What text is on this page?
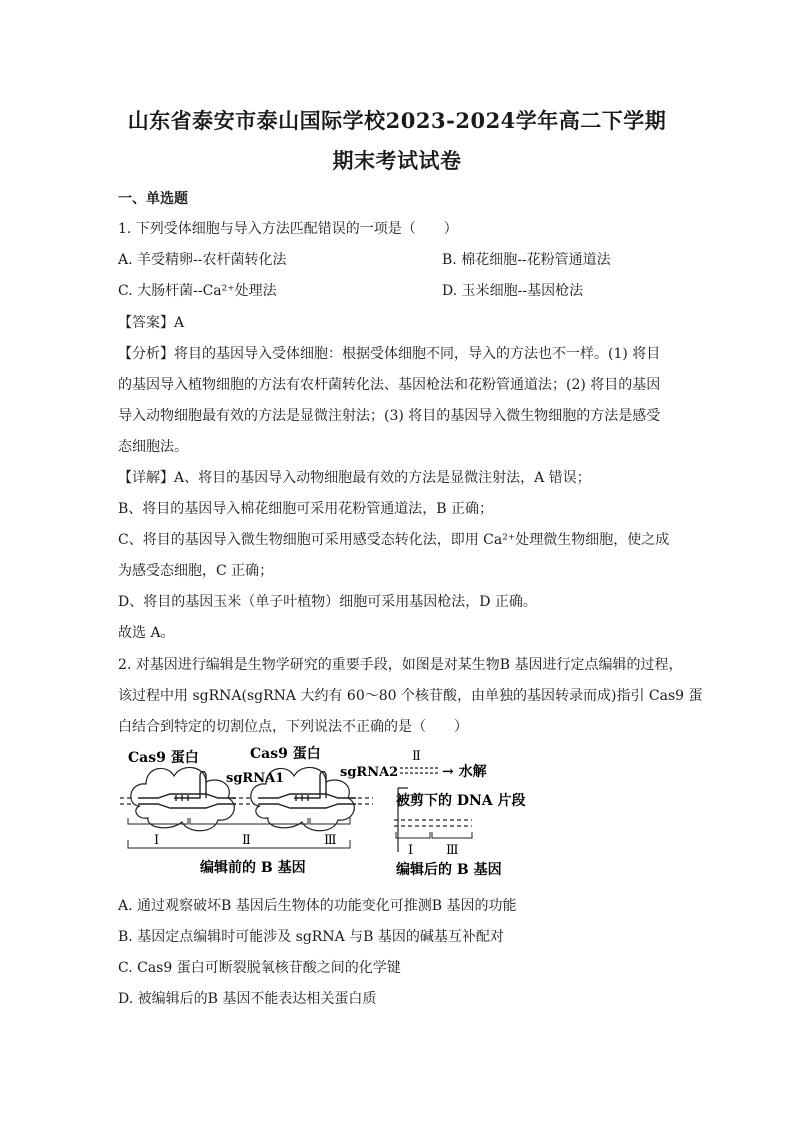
山东省泰安市泰山国际学校2023-2024学年高二下学期
期末考试试卷
一、单选题
1. 下列受体细胞与导入方法匹配错误的一项是（　　）
A. 羊受精卵--农杆菌转化法	B. 棉花细胞--花粉管通道法
C. 大肠杆菌--Ca²⁺处理法	D. 玉米细胞--基因枪法
【答案】A
【分析】将目的基因导入受体细胞：根据受体细胞不同，导入的方法也不一样。(1) 将目
的基因导入植物细胞的方法有农杆菌转化法、基因枪法和花粉管通道法；(2) 将目的基因
导入动物细胞最有效的方法是显微注射法；(3) 将目的基因导入微生物细胞的方法是感受
态细胞法。
【详解】A、将目的基因导入动物细胞最有效的方法是显微注射法，A 错误；
B、将目的基因导入棉花细胞可采用花粉管通道法，B 正确；
C、将目的基因导入微生物细胞可采用感受态转化法，即用 Ca²⁺处理微生物细胞，使之成
为感受态细胞，C 正确；
D、将目的基因玉米（单子叶植物）细胞可采用基因枪法，D 正确。
故选 A。
2. 对基因进行编辑是生物学研究的重要手段，如图是对某生物B 基因进行定点编辑的过程，
该过程中用 sgRNA(sgRNA 大约有 60～80 个核苷酸，由单独的基因转录而成)指引 Cas9 蛋
白结合到特定的切割位点，下列说法不正确的是（　　）
Cas9 蛋白	Cas9 蛋白
sgRNA1	sgRNA2
Ⅰ	Ⅱ	Ⅲ
编辑前的 B 基因
Ⅱ
→ 水解
被剪下的 DNA 片段
Ⅰ	Ⅲ
编辑后的 B 基因
A. 通过观察破坏B 基因后生物体的功能变化可推测B 基因的功能
B. 基因定点编辑时可能涉及 sgRNA 与B 基因的碱基互补配对
C. Cas9 蛋白可断裂脱氧核苷酸之间的化学键
D. 被编辑后的B 基因不能表达相关蛋白质
